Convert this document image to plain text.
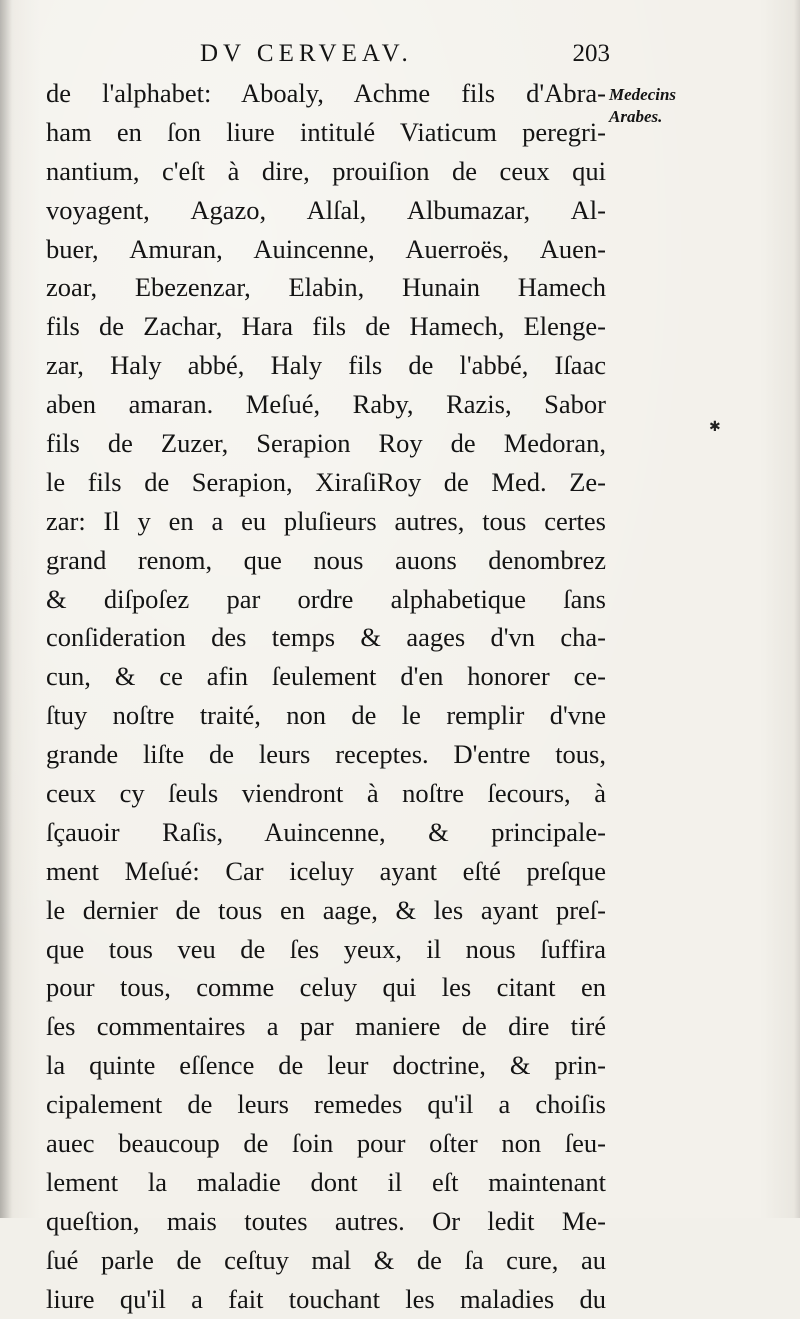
DV CERVEAV.	203
Medecins
Arabes.
✱
de l'alphabet: Aboaly, Achme fils d'Abra-
ham en ſon liure intitulé Viaticum peregri-
nantium, c'eſt à dire, prouiſion de ceux qui
voyagent, Agazo, Alſal, Albumazar, Al-
buer, Amuran, Auincenne, Auerroës, Auen-
zoar, Ebezenzar, Elabin, Hunain Hamech
fils de Zachar, Hara fils de Hamech, Elenge-
zar, Haly abbé, Haly fils de l'abbé, Iſaac
aben amaran. Meſué, Raby, Razis, Sabor
fils de Zuzer, Serapion Roy de Medoran,
le fils de Serapion, XiraſiRoy de Med. Ze-
zar: Il y en a eu pluſieurs autres, tous certes
grand renom, que nous auons denombrez
& diſpoſez par ordre alphabetique ſans
conſideration des temps & aages d'vn cha-
cun, & ce afin ſeulement d'en honorer ce-
ſtuy noſtre traité, non de le remplir d'vne
grande liſte de leurs receptes. D'entre tous,
ceux cy ſeuls viendront à noſtre ſecours, à
ſçauoir Raſis, Auincenne, & principale-
ment Meſué: Car iceluy ayant eſté preſque
le dernier de tous en aage, & les ayant preſ-
que tous veu de ſes yeux, il nous ſuffira
pour tous, comme celuy qui les citant en
ſes commentaires a par maniere de dire tiré
la quinte eſſence de leur doctrine, & prin-
cipalement de leurs remedes qu'il a choiſis
auec beaucoup de ſoin pour oſter non ſeu-
lement la maladie dont il eſt maintenant
queſtion, mais toutes autres. Or ledit Me-
ſué parle de ceſtuy mal & de ſa cure, au
liure qu'il a fait touchant les maladies du
